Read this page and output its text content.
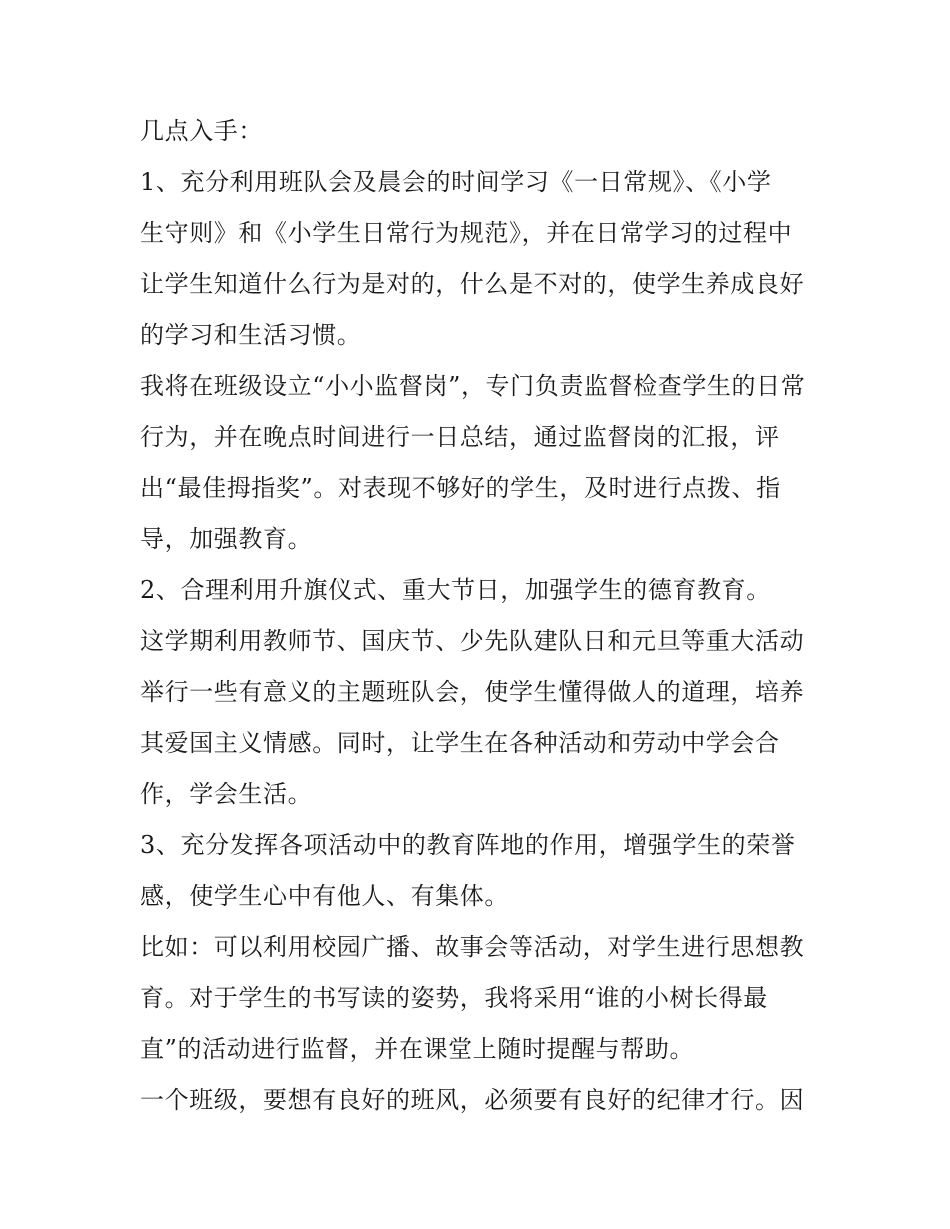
几点入手：
1、充分利用班队会及晨会的时间学习《一日常规》、《小学
生守则》和《小学生日常行为规范》，并在日常学习的过程中
让学生知道什么行为是对的，什么是不对的，使学生养成良好
的学习和生活习惯。
我将在班级设立“小小监督岗”，专门负责监督检查学生的日常
行为，并在晚点时间进行一日总结，通过监督岗的汇报，评
出“最佳拇指奖”。对表现不够好的学生，及时进行点拨、指
导，加强教育。
2、合理利用升旗仪式、重大节日，加强学生的德育教育。
这学期利用教师节、国庆节、少先队建队日和元旦等重大活动
举行一些有意义的主题班队会，使学生懂得做人的道理，培养
其爱国主义情感。同时，让学生在各种活动和劳动中学会合
作，学会生活。
3、充分发挥各项活动中的教育阵地的作用，增强学生的荣誉
感，使学生心中有他人、有集体。
比如：可以利用校园广播、故事会等活动，对学生进行思想教
育。对于学生的书写读的姿势，我将采用“谁的小树长得最
直”的活动进行监督，并在课堂上随时提醒与帮助。
一个班级，要想有良好的班风，必须要有良好的纪律才行。因
